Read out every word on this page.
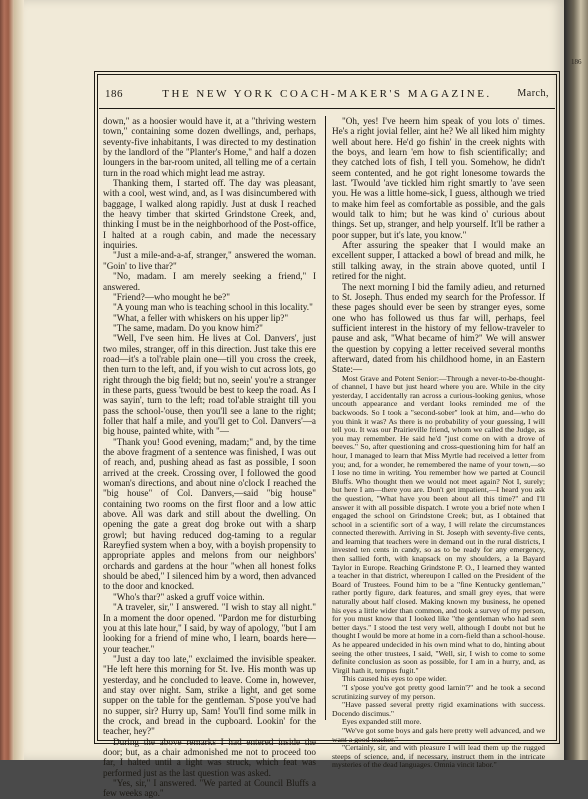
186	THE NEW YORK COACH-MAKER'S MAGAZINE.	March,

down," as a hoosier would have it, at a "thriving western town," containing some dozen dwellings, and, perhaps, seventy-five inhabitants, I was directed to my destination by the landlord of the "Planter's Home," and half a dozen loungers in the bar-room united, all telling me of a certain turn in the road which might lead me astray.

Thanking them, I started off. The day was pleasant, with a cool, west wind, and, as I was disincumbered with baggage, I walked along rapidly. Just at dusk I reached the heavy timber that skirted Grindstone Creek, and, thinking I must be in the neighborhood of the Post-office, I halted at a rough cabin, and made the necessary inquiries.

"Just a mile-and-a-af, stranger," answered the woman. "Goin' to live thar?"

"No, madam. I am merely seeking a friend," I answered.

"Friend?—who mought he be?"

"A young man who is teaching school in this locality."

"What, a feller with whiskers on his upper lip?"

"The same, madam. Do you know him?"

"Well, I've seen him. He lives at Col. Danvers', just two miles, stranger, off in this direction. Just take this ere road—it's a tol'rable plain one—till you cross the creek, then turn to the left, and, if you wish to cut across lots, go right through the big field; but no, seein' you're a stranger in these parts, guess 'twould be best to keep the road. As I was sayin', turn to the left; road tol'able straight till you pass the school-'ouse, then you'll see a lane to the right; foller that half a mile, and you'll get to Col. Danvers'—a big house, painted white, with "—

"Thank you! Good evening, madam;" and, by the time the above fragment of a sentence was finished, I was out of reach, and, pushing ahead as fast as possible, I soon arrived at the creek. Crossing over, I followed the good woman's directions, and about nine o'clock I reached the "big house" of Col. Danvers,—said "big house" containing two rooms on the first floor and a low attic above. All was dark and still about the dwelling. On opening the gate a great dog broke out with a sharp growl; but having reduced dog-taming to a regular Rareyfied system when a boy, with a boyish propensity to appropriate apples and melons from our neighbors' orchards and gardens at the hour "when all honest folks should be abed," I silenced him by a word, then advanced to the door and knocked.

"Who's thar?" asked a gruff voice within.

"A traveler, sir," I answered. "I wish to stay all night." In a moment the door opened. "Pardon me for disturbing you at this late hour," I said, by way of apology, "but I am looking for a friend of mine who, I learn, boards here—your teacher."

"Just a day too late," exclaimed the invisible speaker. "He left here this morning for St. Ive. His month was up yesterday, and he concluded to leave. Come in, however, and stay over night. Sam, strike a light, and get some supper on the table for the gentleman. S'pose you've had no supper, sir? Hurry up, Sam! You'll find some milk in the crock, and bread in the cupboard. Lookin' for the teacher, hey?"

During the above remarks I had entered inside the door; but, as a chair admonished me not to proceed too far, I halted until a light was struck, which feat was performed just as the last question was asked.

"Yes, sir," I answered. "We parted at Council Bluffs a few weeks ago."

"Oh, yes! I've heern him speak of you lots o' times. He's a right jovial feller, aint he? We all liked him mighty well about here. He'd go fishin' in the creek nights with the boys, and learn 'em how to fish scientifically; and they catched lots of fish, I tell you. Somehow, he didn't seem contented, and he got right lonesome towards the last. 'Twould 'ave tickled him right smartly to 'ave seen you. He was a little home-sick, I guess, although we tried to make him feel as comfortable as possible, and the gals would talk to him; but he was kind o' curious about things. Set up, stranger, and help yourself. It'll be rather a poor supper, but it's late, you know."

After assuring the speaker that I would make an excellent supper, I attacked a bowl of bread and milk, he still talking away, in the strain above quoted, until I retired for the night.

The next morning I bid the family adieu, and returned to St. Joseph. Thus ended my search for the Professor. If these pages should ever be seen by stranger eyes, some one who has followed us thus far will, perhaps, feel sufficient interest in the history of my fellow-traveler to pause and ask, "What became of him?" We will answer the question by copying a letter received several months afterward, dated from his childhood home, in an Eastern State:—

Most Grave and Potent Senior:—Through a never-to-be-thought-of channel, I have but just heard where you are. While in the city yesterday, I accidentally ran across a curious-looking genius, whose uncouth appearance and verdant looks reminded me of the backwoods. So I took a "second-sober" look at him, and—who do you think it was? As there is no probability of your guessing, I will tell you. It was our Prairieville friend, whom we called the Judge, as you may remember. He said he'd "just come on with a drove of beeves." So, after questioning and cross-questioning him for half an hour, I managed to learn that Miss Myrtle had received a letter from you; and, for a wonder, he remembered the name of your town,—so I lose no time in writing. You remember how we parted at Council Bluffs. Who thought then we would not meet again? Not I, surely; but here I am—there you are. Don't get impatient,—I heard you ask the question, "What have you been about all this time?" and I'll answer it with all possible dispatch. I wrote you a brief note when I engaged the school on Grindstone Creek; but, as I obtained that school in a scientific sort of a way, I will relate the circumstances connected therewith. Arriving in St. Joseph with seventy-five cents, and learning that teachers were in demand out in the rural districts, I invested ten cents in candy, so as to be ready for any emergency, then sallied forth, with knapsack on my shoulders, a la Bayard Taylor in Europe. Reaching Grindstone P. O., I learned they wanted a teacher in that district, whereupon I called on the President of the Board of Trustees. Found him to be a "fine Kentucky gentleman," rather portly figure, dark features, and small grey eyes, that were naturally about half closed. Making known my business, he opened his eyes a little wider than common, and took a survey of my person, for you must know that I looked like "the gentleman who had seen better days." I stood the test very well, although I doubt not but he thought I would be more at home in a corn-field than a school-house. As he appeared undecided in his own mind what to do, hinting about seeing the other trustees, I said, "Well, sir, I wish to come to some definite conclusion as soon as possible, for I am in a hurry, and, as Virgil hath it, tempus fugit."

This caused his eyes to ope wider.

"I s'pose you've got pretty good larnin'?" and he took a second scrutinizing survey of my person.

"Have passed several pretty rigid examinations with success. Docendo discimus."

Eyes expanded still more.

"We've got some boys and gals here pretty well advanced, and we want a good teacher."

"Certainly, sir, and with pleasure I will lead them up the rugged steeps of science, and, if necessary, instruct them in the intricate mysteries of the dead languages. Omnia vincit labor."

186
